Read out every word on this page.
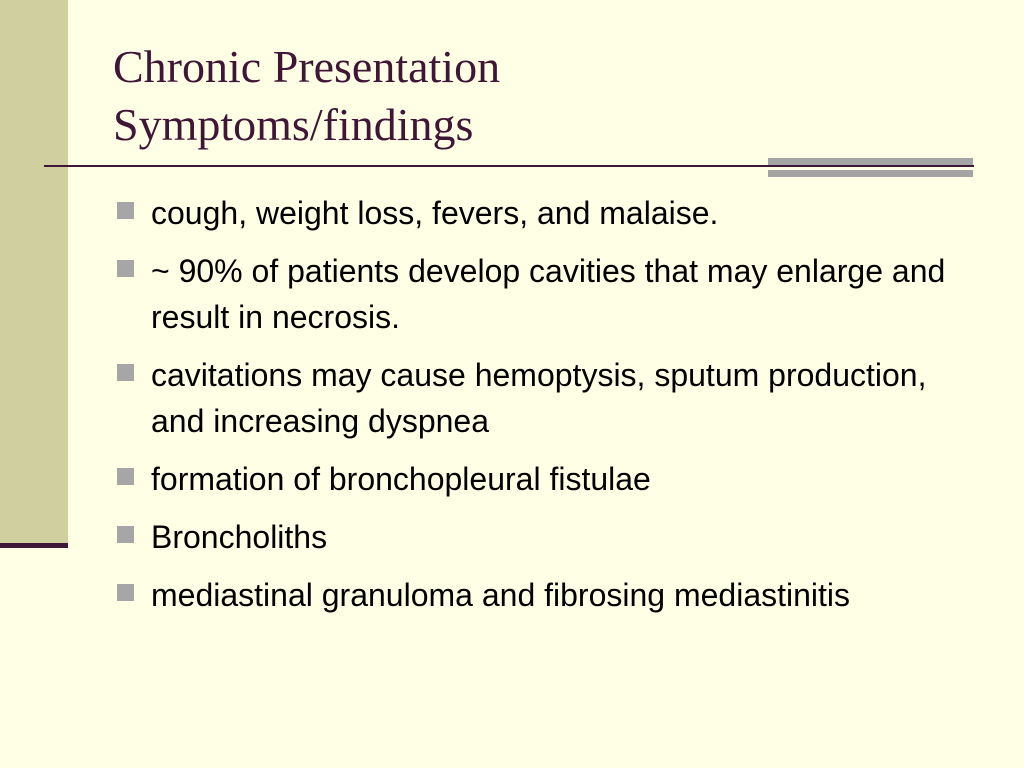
Chronic Presentation
Symptoms/findings
cough, weight loss, fevers, and malaise.
~ 90% of patients develop cavities that may enlarge and result in necrosis.
cavitations may cause hemoptysis, sputum production, and increasing dyspnea
formation of bronchopleural fistulae
Broncholiths
mediastinal granuloma and fibrosing mediastinitis
